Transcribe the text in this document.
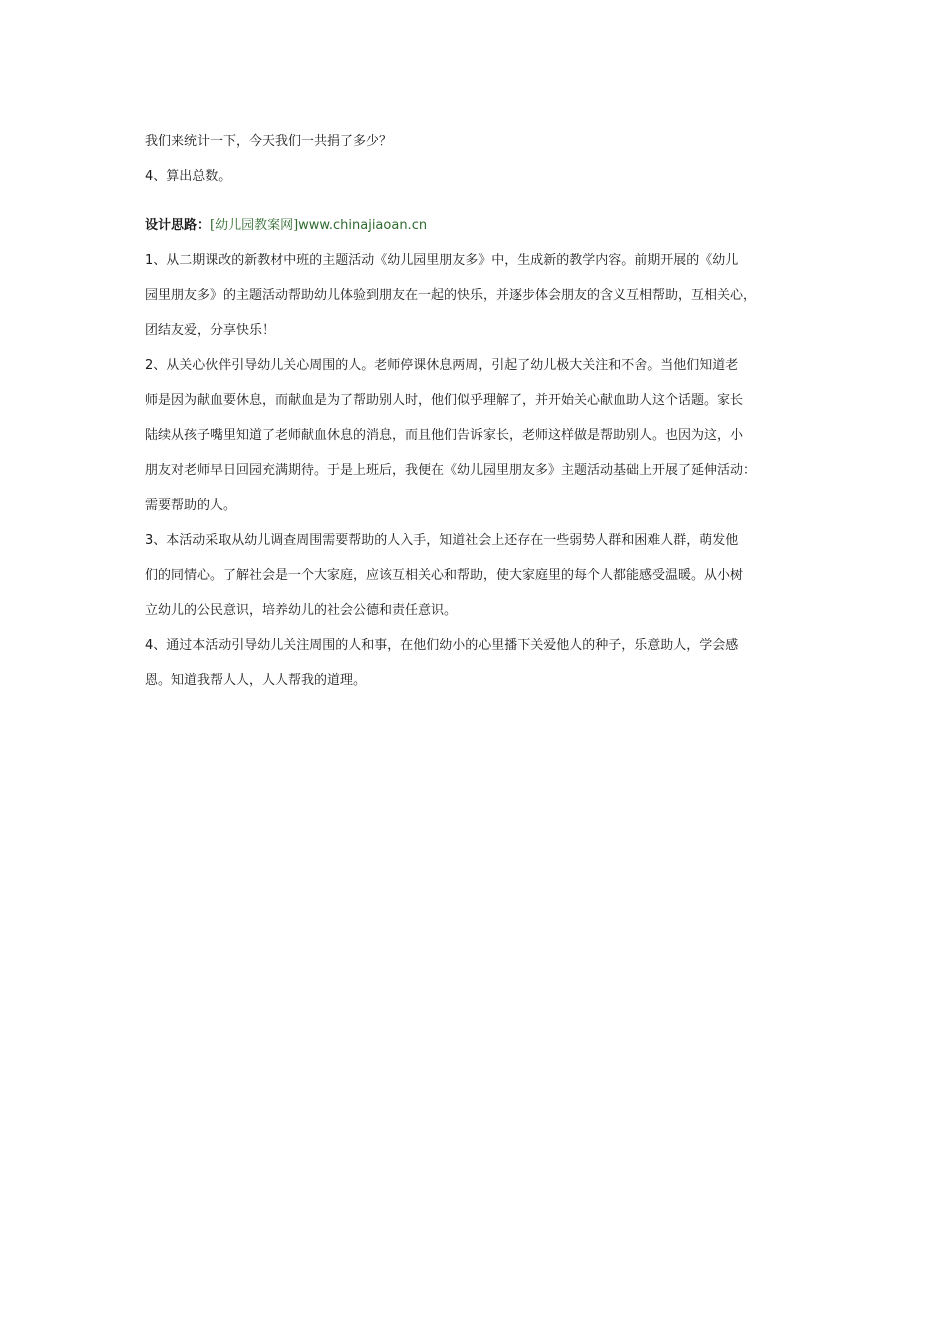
我们来统计一下，今天我们一共捐了多少？
4、算出总数。
设计思路：[幼儿园教案网]www.chinajiaoan.cn
1、从二期课改的新教材中班的主题活动《幼儿园里朋友多》中，生成新的教学内容。前期开展的《幼儿
园里朋友多》的主题活动帮助幼儿体验到朋友在一起的快乐，并逐步体会朋友的含义互相帮助，互相关心，
团结友爱，分享快乐！
2、从关心伙伴引导幼儿关心周围的人。老师停课休息两周，引起了幼儿极大关注和不舍。当他们知道老
师是因为献血要休息，而献血是为了帮助别人时，他们似乎理解了，并开始关心献血助人这个话题。家长
陆续从孩子嘴里知道了老师献血休息的消息，而且他们告诉家长，老师这样做是帮助别人。也因为这，小
朋友对老师早日回园充满期待。于是上班后，我便在《幼儿园里朋友多》主题活动基础上开展了延伸活动：
需要帮助的人。
3、本活动采取从幼儿调查周围需要帮助的人入手，知道社会上还存在一些弱势人群和困难人群，萌发他
们的同情心。了解社会是一个大家庭，应该互相关心和帮助，使大家庭里的每个人都能感受温暖。从小树
立幼儿的公民意识，培养幼儿的社会公德和责任意识。
4、通过本活动引导幼儿关注周围的人和事，在他们幼小的心里播下关爱他人的种子，乐意助人，学会感
恩。知道我帮人人，人人帮我的道理。
